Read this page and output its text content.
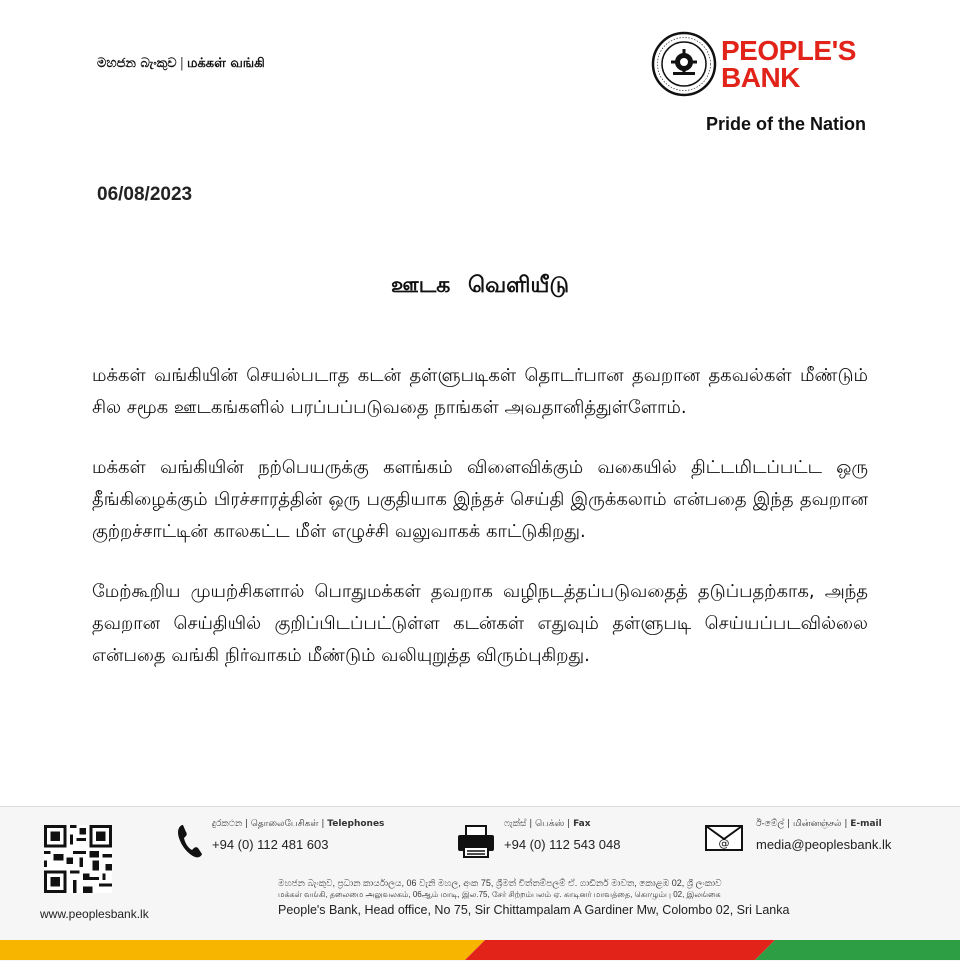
මහජන බැංකුව | மக்கள் வங்கி	PEOPLE'S
BANK
Pride of the Nation
06/08/2023
ஊடக வெளியீடு

மக்கள் வங்கியின் செயல்படாத கடன் தள்ளுபடிகள் தொடர்பான தவறான தகவல்கள் மீண்டும் சில சமூக ஊடகங்களில் பரப்பப்படுவதை நாங்கள் அவதானித்துள்ளோம்.

மக்கள் வங்கியின் நற்பெயருக்கு களங்கம் விளைவிக்கும் வகையில் திட்டமிடப்பட்ட ஒரு தீங்கிழைக்கும் பிரச்சாரத்தின் ஒரு பகுதியாக இந்தச் செய்தி இருக்கலாம் என்பதை இந்த தவறான குற்றச்சாட்டின் காலகட்ட மீள் எழுச்சி வலுவாகக் காட்டுகிறது.

மேற்கூறிய முயற்சிகளால் பொதுமக்கள் தவறாக வழிநடத்தப்படுவதைத் தடுப்பதற்காக, அந்த தவறான செய்தியில் குறிப்பிடப்பட்டுள்ள கடன்கள் எதுவும் தள்ளுபடி செய்யப்படவில்லை என்பதை வங்கி நிர்வாகம் மீண்டும் வலியுறுத்த விரும்புகிறது.

www.peoplesbank.lk
දුරකථන | தொலைபேசிகள் | Telephones
+94 (0) 112 481 603
ෆැක්ස් | பெக்ஸ் | Fax
+94 (0) 112 543 048	@
ඊ-මේල් | மின்னஞ்சல் | E-mail
media@peoplesbank.lk
මහජන බැංකුව, ප්‍රධාන කාර්යාලය, 06 වැනි මහල, අංක 75, ශ්‍රීමත් චිත්තම්පලම් ඒ. ගාඩිනර් මාවත, කොළඹ 02, ශ්‍රී ලංකාව
மக்கள் வங்கி, தலைமை அலுவலகம், 06ஆம் மாடி, இல.75, சேர் சிற்றம்பலம் ஏ. காடினர் மாவத்தை, கொழும்பு 02, இலங்கை
People's Bank, Head office, No 75, Sir Chittampalam A Gardiner Mw, Colombo 02, Sri Lanka
